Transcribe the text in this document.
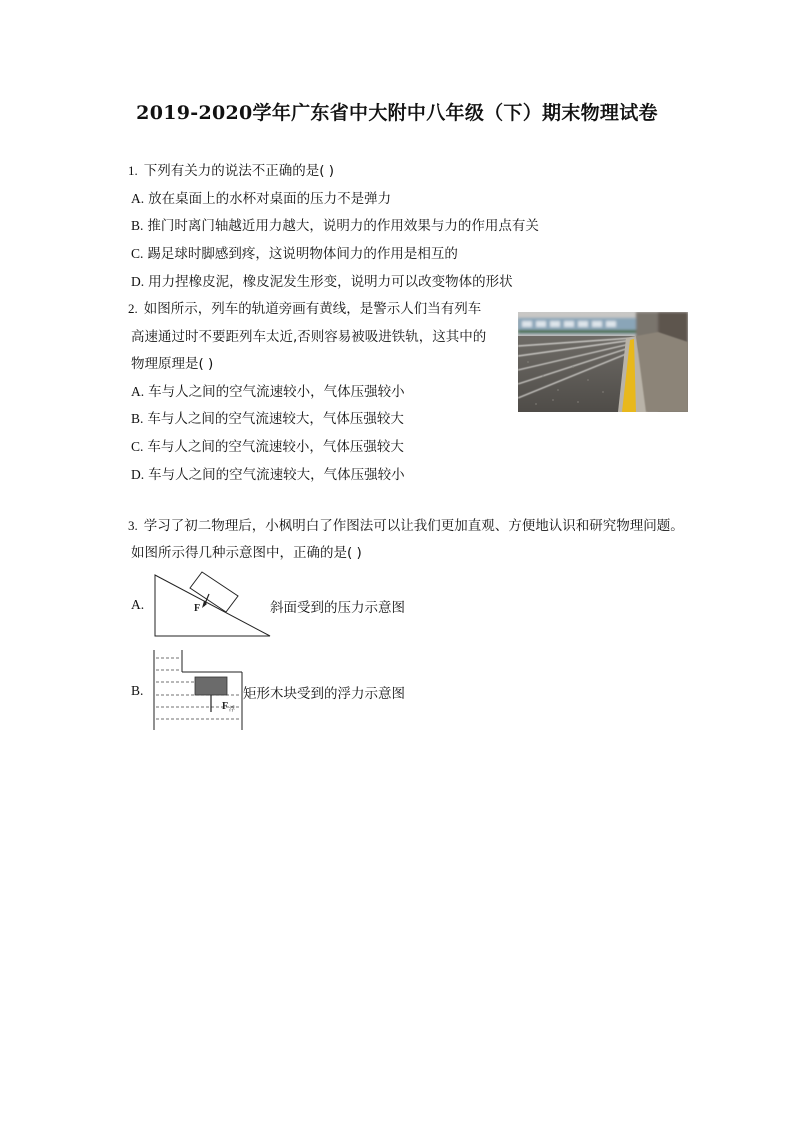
2019-2020学年广东省中大附中八年级（下）期末物理试卷
1. 下列有关力的说法不正确的是( )
A. 放在桌面上的水杯对桌面的压力不是弹力
B. 推门时离门轴越近用力越大，说明力的作用效果与力的作用点有关
C. 踢足球时脚感到疼，这说明物体间力的作用是相互的
D. 用力捏橡皮泥，橡皮泥发生形变，说明力可以改变物体的形状
2. 如图所示，列车的轨道旁画有黄线，是警示人们当有列车
高速通过时不要距列车太近,否则容易被吸进铁轨，这其中的
物理原理是( )
A. 车与人之间的空气流速较小，气体压强较小
B. 车与人之间的空气流速较大，气体压强较大
C. 车与人之间的空气流速较小，气体压强较大
D. 车与人之间的空气流速较大，气体压强较小
3. 学习了初二物理后，小枫明白了作图法可以让我们更加直观、方便地认识和研究物理问题。
如图所示得几种示意图中，正确的是( )
A.	F	斜面受到的压力示意图
B.
F 浮
矩形木块受到的浮力示意图
